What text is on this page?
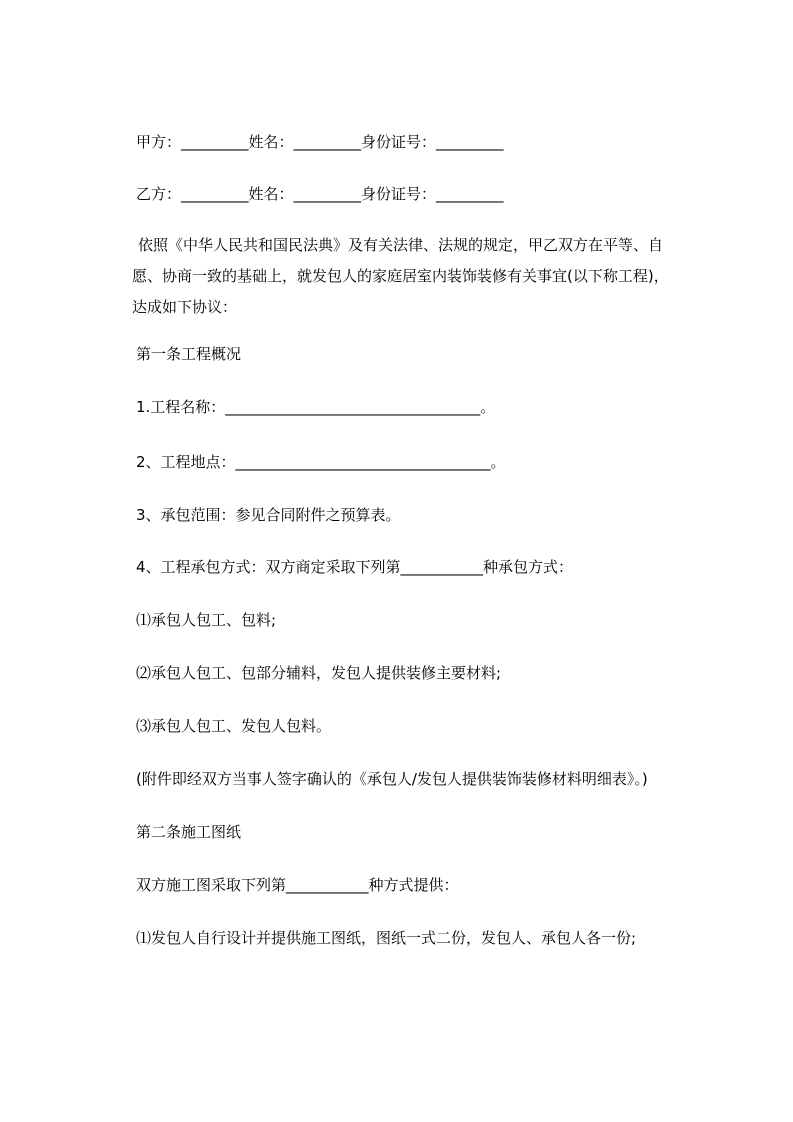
甲方：_________姓名：_________身份证号：_________
乙方：_________姓名：_________身份证号：_________
依照《中华人民共和国民法典》及有关法律、法规的规定，甲乙双方在平等、自愿、协商一致的基础上，就发包人的家庭居室内装饰装修有关事宜(以下称工程)，达成如下协议：
第一条工程概况
1.工程名称：__________________________________。
2、工程地点：__________________________________。
3、承包范围：参见合同附件之预算表。
4、工程承包方式：双方商定采取下列第___________种承包方式：
⑴承包人包工、包料;
⑵承包人包工、包部分辅料，发包人提供装修主要材料;
⑶承包人包工、发包人包料。
(附件即经双方当事人签字确认的《承包人/发包人提供装饰装修材料明细表》。)
第二条施工图纸
双方施工图采取下列第___________种方式提供：
⑴发包人自行设计并提供施工图纸，图纸一式二份，发包人、承包人各一份;
